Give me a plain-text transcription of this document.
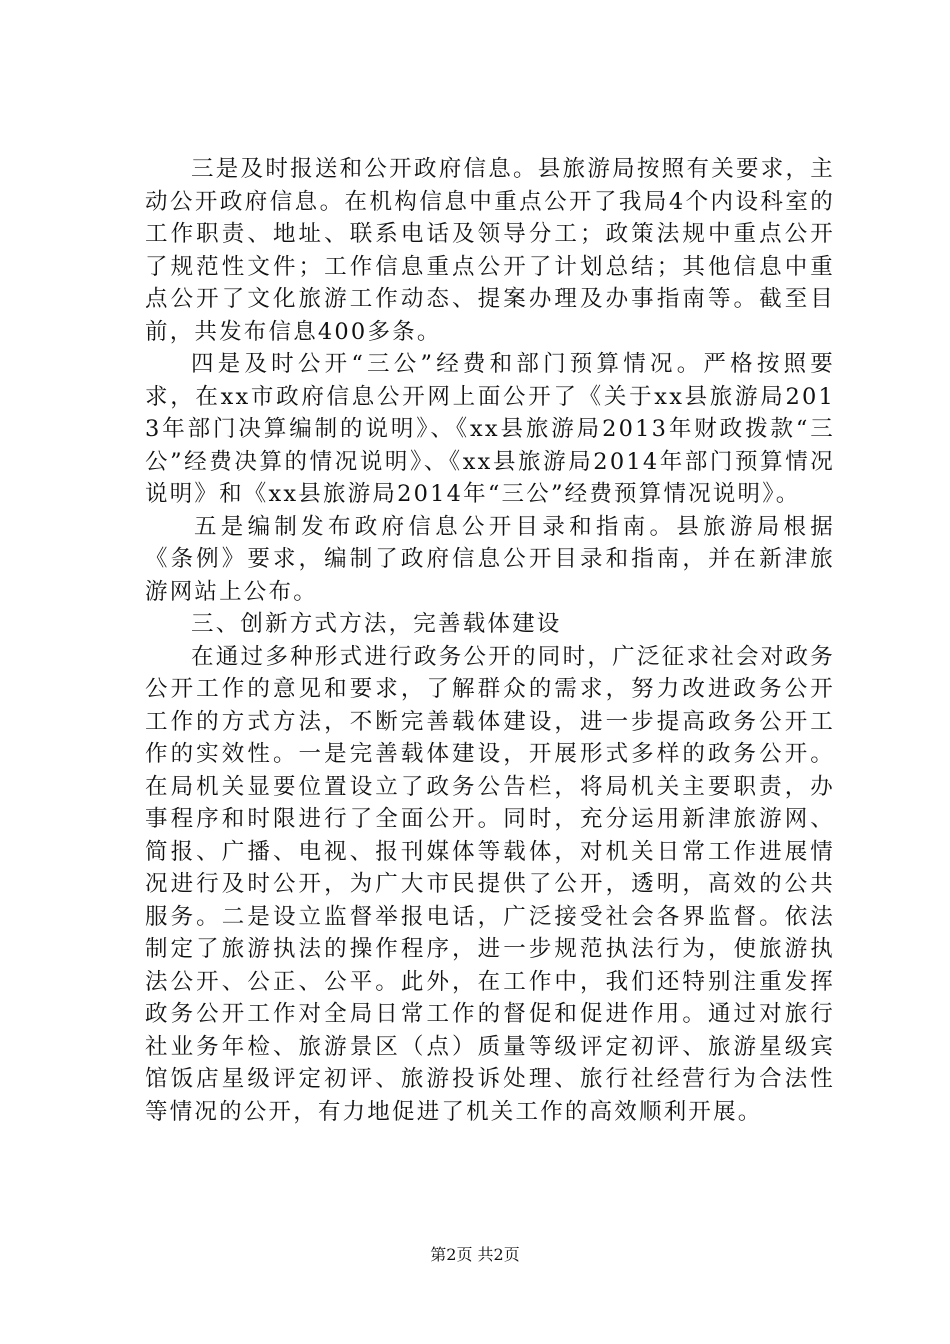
三是及时报送和公开政府信息。县旅游局按照有关要求，主动公开政府信息。在机构信息中重点公开了我局4个内设科室的工作职责、地址、联系电话及领导分工；政策法规中重点公开了规范性文件；工作信息重点公开了计划总结；其他信息中重点公开了文化旅游工作动态、提案办理及办事指南等。截至目前，共发布信息400多条。

四是及时公开“三公”经费和部门预算情况。严格按照要求，在xx市政府信息公开网上面公开了《关于xx县旅游局2013年部门决算编制的说明》、《xx县旅游局2013年财政拨款“三公”经费决算的情况说明》、《xx县旅游局2014年部门预算情况说明》和《xx县旅游局2014年“三公”经费预算情况说明》。

五是编制发布政府信息公开目录和指南。县旅游局根据《条例》要求，编制了政府信息公开目录和指南，并在新津旅游网站上公布。

三、创新方式方法，完善载体建设

在通过多种形式进行政务公开的同时，广泛征求社会对政务公开工作的意见和要求，了解群众的需求，努力改进政务公开工作的方式方法，不断完善载体建设，进一步提高政务公开工作的实效性。一是完善载体建设，开展形式多样的政务公开。在局机关显要位置设立了政务公告栏，将局机关主要职责，办事程序和时限进行了全面公开。同时，充分运用新津旅游网、简报、广播、电视、报刊媒体等载体，对机关日常工作进展情况进行及时公开，为广大市民提供了公开，透明，高效的公共服务。二是设立监督举报电话，广泛接受社会各界监督。依法制定了旅游执法的操作程序，进一步规范执法行为，使旅游执法公开、公正、公平。此外，在工作中，我们还特别注重发挥政务公开工作对全局日常工作的督促和促进作用。通过对旅行社业务年检、旅游景区（点）质量等级评定初评、旅游星级宾馆饭店星级评定初评、旅游投诉处理、旅行社经营行为合法性等情况的公开，有力地促进了机关工作的高效顺利开展。

第2页 共2页
